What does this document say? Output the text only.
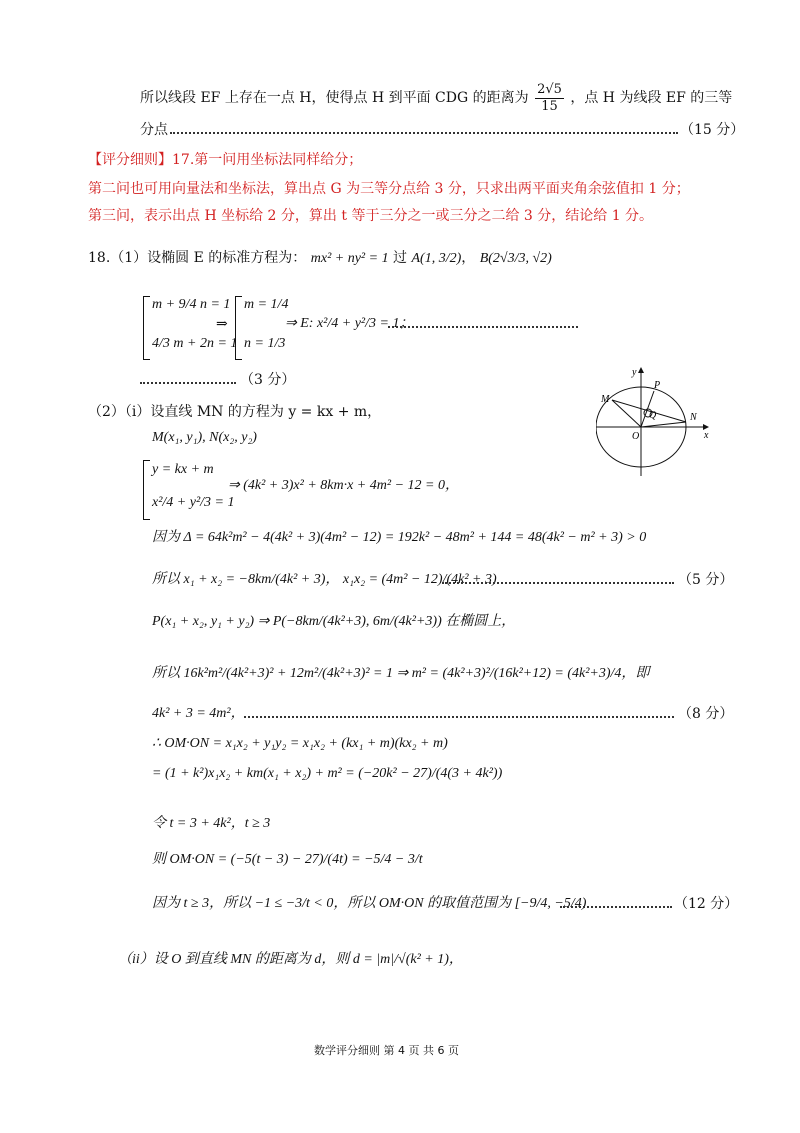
所以线段 EF 上存在一点 H，使得点 H 到平面 CDG 的距离为 $\frac{2√5}{15}$ ，点 H 为线段 EF 的三等
分点	（15 分）
【评分细则】17.第一问用坐标法同样给分；
第二问也可用向量法和坐标法，算出点 G 为三等分点给 3 分，只求出两平面夹角余弦值扣 1 分；
第三问，表示出点 H 坐标给 2 分，算出 t 等于三分之一或三分之二给 3 分，结论给 1 分。
18.（1）设椭圆 E 的标准方程为： mx² + ny² = 1 过 A(1, 3/2)， B(2√3/3, √2)
m + 9/4 n = 1
4/3 m + 2n = 1
⇒
m = 1/4
n = 1/3
⇒ E: x²/4 + y²/3 = 1；
（3 分）
（2）（i）设直线 MN 的方程为 y = kx + m，
M(x₁, y₁), N(x₂, y₂)
y = kx + m
x²/4 + y²/3 = 1
⇒ (4k² + 3)x² + 8km·x + 4m² − 12 = 0，
因为 Δ = 64k²m² − 4(4k² + 3)(4m² − 12) = 192k² − 48m² + 144 = 48(4k² − m² + 3) > 0
所以 x₁ + x₂ = −8km/(4k² + 3)， x₁x₂ = (4m² − 12)/(4k² + 3)	（5 分）
P(x₁ + x₂, y₁ + y₂) ⇒ P(−8km/(4k²+3), 6m/(4k²+3)) 在椭圆上，
所以 16k²m²/(4k²+3)² + 12m²/(4k²+3)² = 1 ⇒ m² = (4k²+3)²/(16k²+12) = (4k²+3)/4，即
4k² + 3 = 4m²，	（8 分）
∴ OM·ON = x₁x₂ + y₁y₂ = x₁x₂ + (kx₁ + m)(kx₂ + m)
= (1 + k²)x₁x₂ + km(x₁ + x₂) + m² = (−20k² − 27)/(4(3 + 4k²))
令 t = 3 + 4k²，t ≥ 3
则 OM·ON = (−5(t − 3) − 27)/(4t) = −5/4 − 3/t
因为 t ≥ 3，所以 −1 ≤ −3/t < 0，所以 OM·ON 的取值范围为 [−9/4, −5/4)	（12 分）
（ii）设 O 到直线 MN 的距离为 d，则 d = |m|/√(k² + 1)，
y
P
M
Q	N
O	x
数学评分细则 第 4 页 共 6 页
